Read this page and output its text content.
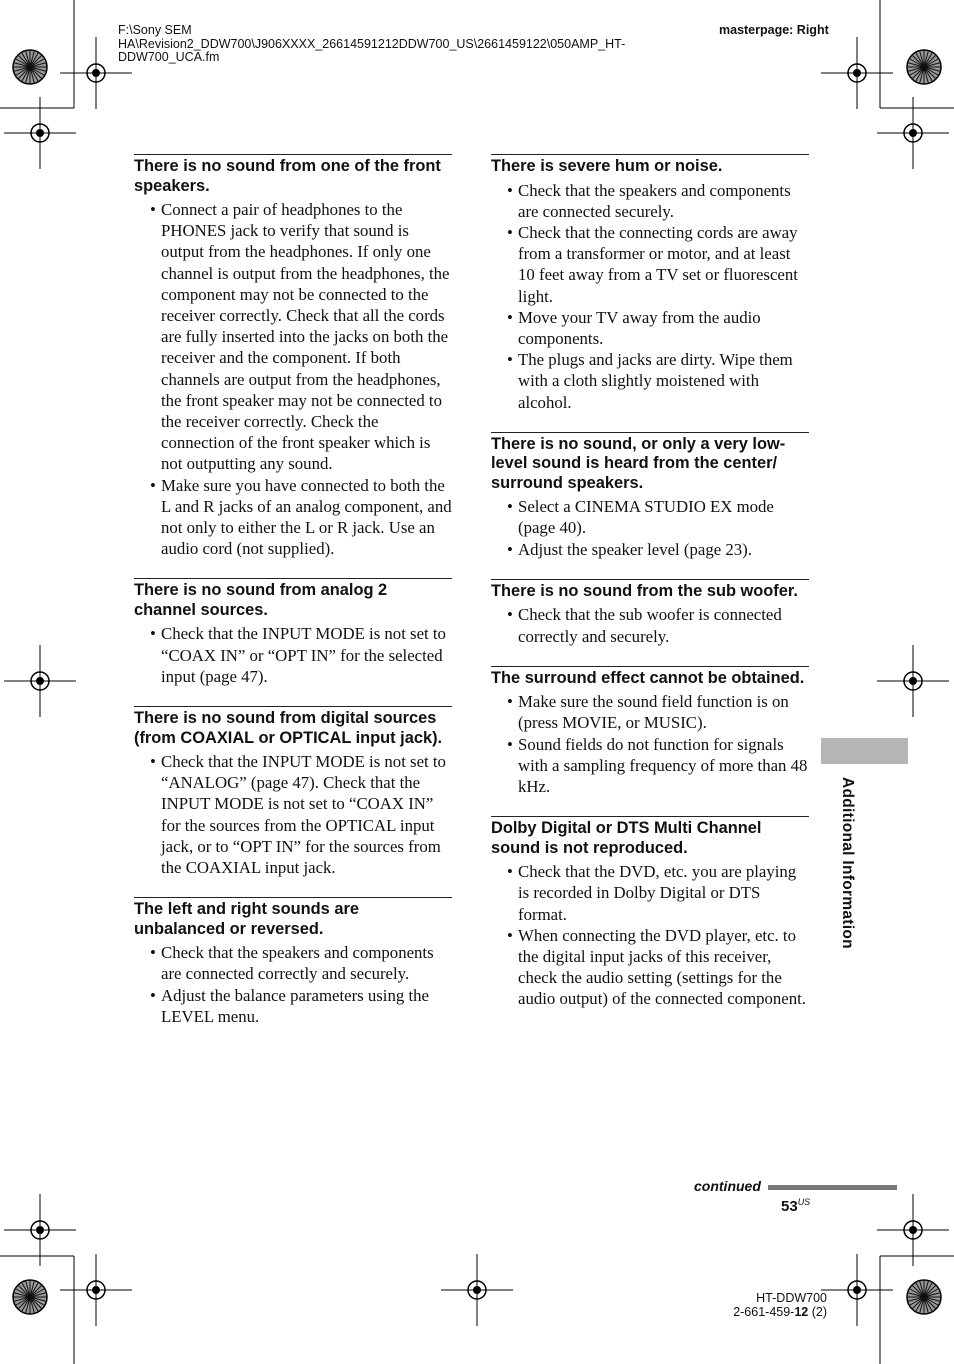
F:\Sony SEM HA\Revision2_DDW700\J906XXXX_26614591212DDW700_US\2661459122\050AMP_HT-DDW700_UCA.fm
masterpage: Right
There is no sound from one of the front speakers.
• Connect a pair of headphones to the PHONES jack to verify that sound is output from the headphones. If only one channel is output from the headphones, the component may not be connected to the receiver correctly. Check that all the cords are fully inserted into the jacks on both the receiver and the component. If both channels are output from the headphones, the front speaker may not be connected to the receiver correctly. Check the connection of the front speaker which is not outputting any sound.
• Make sure you have connected to both the L and R jacks of an analog component, and not only to either the L or R jack. Use an audio cord (not supplied).
There is no sound from analog 2 channel sources.
• Check that the INPUT MODE is not set to “COAX IN” or “OPT IN” for the selected input (page 47).
There is no sound from digital sources (from COAXIAL or OPTICAL input jack).
• Check that the INPUT MODE is not set to “ANALOG” (page 47). Check that the INPUT MODE is not set to “COAX IN” for the sources from the OPTICAL input jack, or to “OPT IN” for the sources from the COAXIAL input jack.
The left and right sounds are unbalanced or reversed.
• Check that the speakers and components are connected correctly and securely.
• Adjust the balance parameters using the LEVEL menu.
There is severe hum or noise.
• Check that the speakers and components are connected securely.
• Check that the connecting cords are away from a transformer or motor, and at least 10 feet away from a TV set or fluorescent light.
• Move your TV away from the audio components.
• The plugs and jacks are dirty. Wipe them with a cloth slightly moistened with alcohol.
There is no sound, or only a very low-level sound is heard from the center/ surround speakers.
• Select a CINEMA STUDIO EX mode (page 40).
• Adjust the speaker level (page 23).
There is no sound from the sub woofer.
• Check that the sub woofer is connected correctly and securely.
The surround effect cannot be obtained.
• Make sure the sound field function is on (press MOVIE, or MUSIC).
• Sound fields do not function for signals with a sampling frequency of more than 48 kHz.
Dolby Digital or DTS Multi Channel sound is not reproduced.
• Check that the DVD, etc. you are playing is recorded in Dolby Digital or DTS format.
• When connecting the DVD player, etc. to the digital input jacks of this receiver, check the audio setting (settings for the audio output) of the connected component.
Additional Information
continued
$53^{US}$
HT-DDW700
2-661-459-12 (2)
